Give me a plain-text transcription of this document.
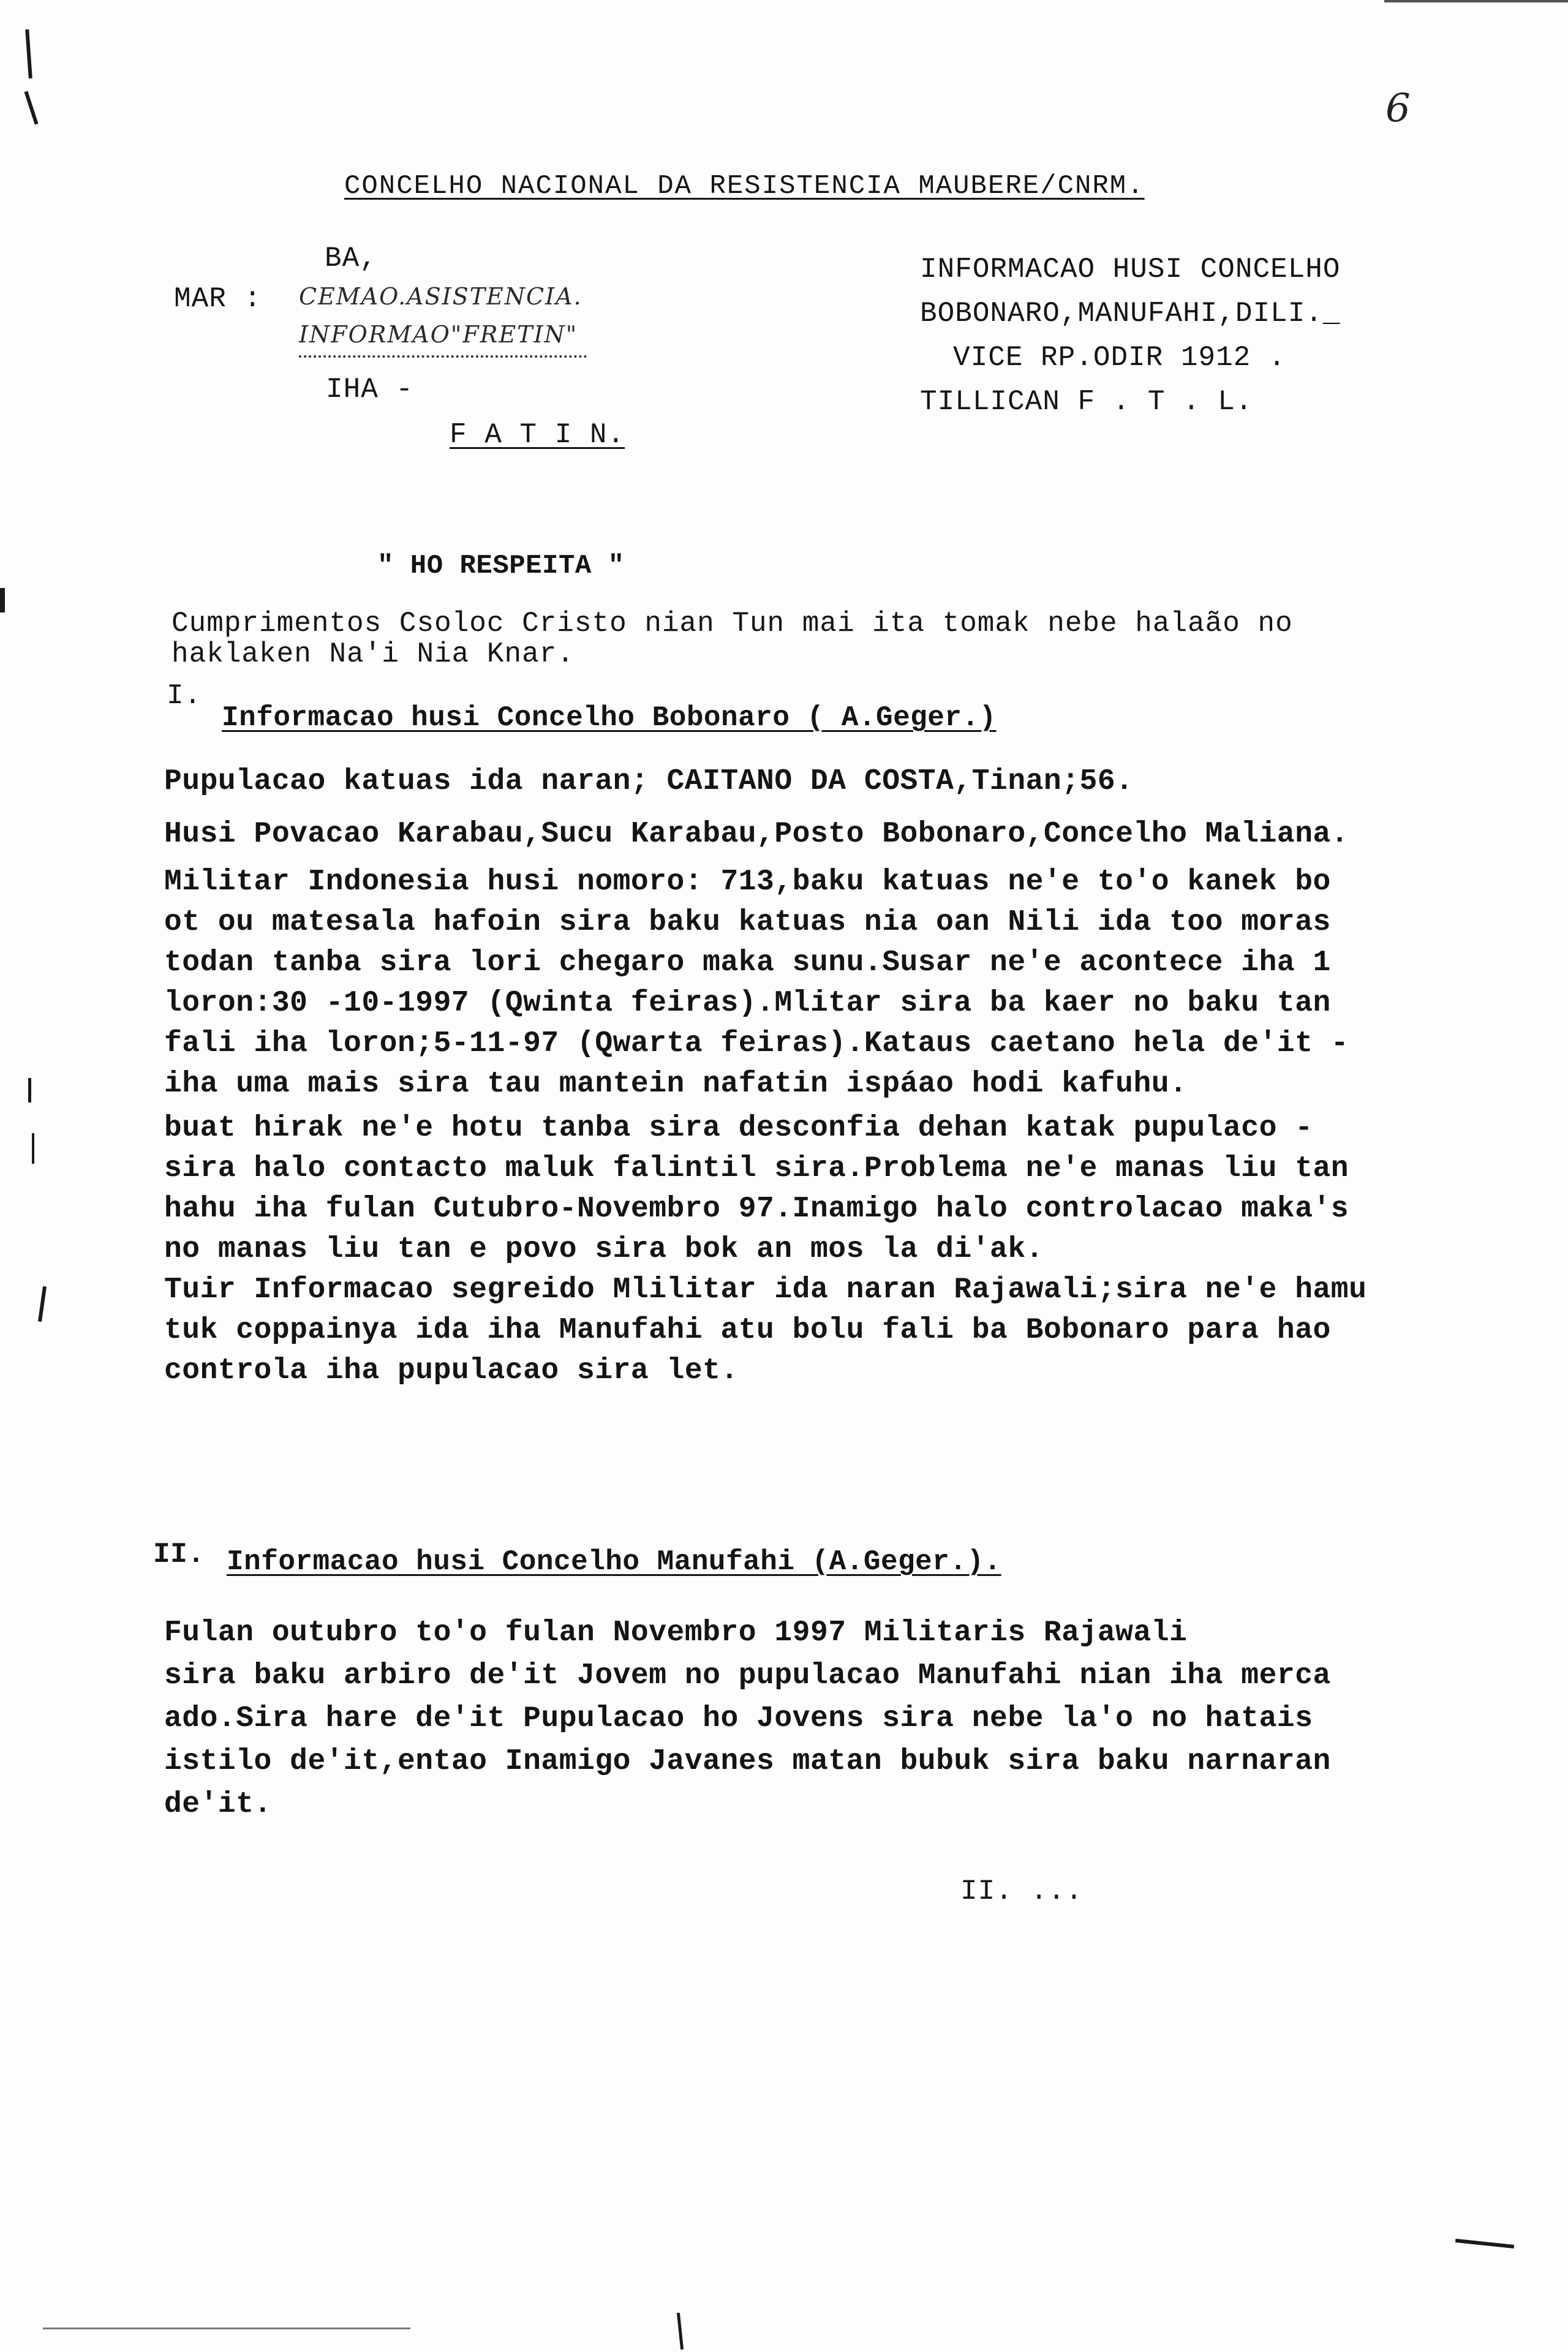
6
CONCELHO NACIONAL DA RESISTENCIA MAUBERE/CNRM.
BA,
MAR : CEMAO.ASISTENCIA.
INFORMAO"FRETIN"
IHA -
F A T I N.
INFORMACAO HUSI CONCELHO
BOBONARO,MANUFAHI,DILI._
VICE RP.ODIR 1912 .
TILLICAN F . T . L.
" HO RESPEITA "
Cumprimentos Csoloc Cristo nian Tun mai ita tomak nebe halaão no
haklaken Na'i Nia Knar.
I.
Informacao husi Concelho Bobonaro ( A.Geger.)
Pupulacao katuas ida naran; CAITANO DA COSTA,Tinan;56.
Husi Povacao Karabau,Sucu Karabau,Posto Bobonaro,Concelho Maliana.
Militar Indonesia husi nomoro: 713,baku katuas ne'e to'o kanek bo
ot ou matesala hafoin sira baku katuas nia oan Nili ida too moras
todan tanba sira lori chegaro maka sunu.Susar ne'e acontece iha 1
loron:30 -10-1997 (Qwinta feiras).Mlitar sira ba kaer no baku tan
fali iha loron;5-11-97 (Qwarta feiras).Kataus caetano hela de'it -
iha uma mais sira tau mantein nafatin ispáao hodi kafuhu.
buat hirak ne'e hotu tanba sira desconfia dehan katak pupulaco -
sira halo contacto maluk falintil sira.Problema ne'e manas liu tan
hahu iha fulan Cutubro-Novembro 97.Inamigo halo controlacao maka's
no manas liu tan e povo sira bok an mos la di'ak.
Tuir Informacao segreido Mlilitar ida naran Rajawali;sira ne'e hamu
tuk coppainya ida iha Manufahi atu bolu fali ba Bobonaro para hao
controla iha pupulacao sira let.
II. Informacao husi Concelho Manufahi (A.Geger.).
Fulan outubro to'o fulan Novembro 1997 Militaris Rajawali
sira baku arbiro de'it Jovem no pupulacao Manufahi nian iha merca
ado.Sira hare de'it Pupulacao ho Jovens sira nebe la'o no hatais
istilo de'it,entao Inamigo Javanes matan bubuk sira baku narnaran
de'it.
II. ...
